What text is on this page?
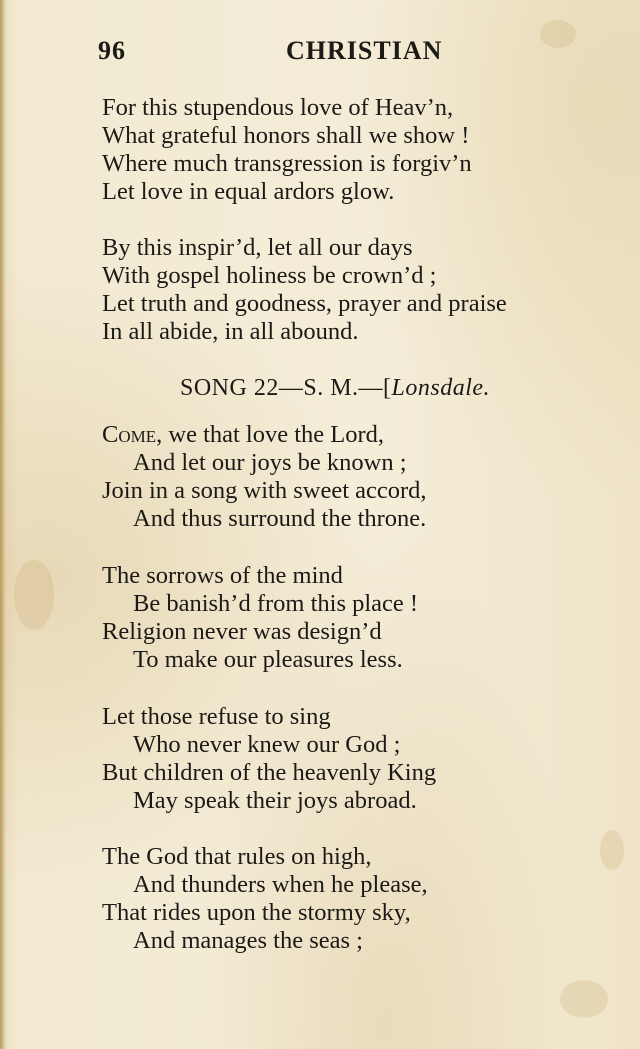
96	CHRISTIAN
For this stupendous love of Heav’n,
What grateful honors shall we show !
Where much transgression is forgiv’n
Let love in equal ardors glow.
By this inspir’d, let all our days
With gospel holiness be crown’d ;
Let truth and goodness, prayer and praise
In all abide, in all abound.
SONG 22—S. M.—[Lonsdale.
Come, we that love the Lord,
And let our joys be known ;
Join in a song with sweet accord,
And thus surround the throne.
The sorrows of the mind
Be banish’d from this place !
Religion never was design’d
To make our pleasures less.
Let those refuse to sing
Who never knew our God ;
But children of the heavenly King
May speak their joys abroad.
The God that rules on high,
And thunders when he please,
That rides upon the stormy sky,
And manages the seas ;
